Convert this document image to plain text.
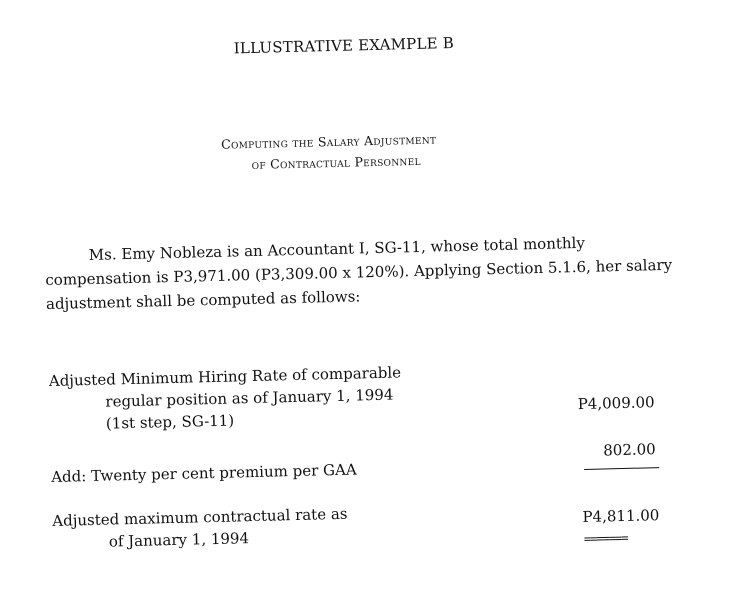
ILLUSTRATIVE EXAMPLE B
Computing the Salary Adjustment
of Contractual Personnel
Ms. Emy Nobleza is an Accountant I, SG-11, whose total monthly
compensation is P3,971.00 (P3,309.00 x 120%). Applying Section 5.1.6, her salary
adjustment shall be computed as follows:
Adjusted Minimum Hiring Rate of comparable
regular position as of January 1, 1994
(1st step, SG-11)
P4,009.00
Add: Twenty per cent premium per GAA
802.00
Adjusted maximum contractual rate as
of January 1, 1994
P4,811.00
=======
